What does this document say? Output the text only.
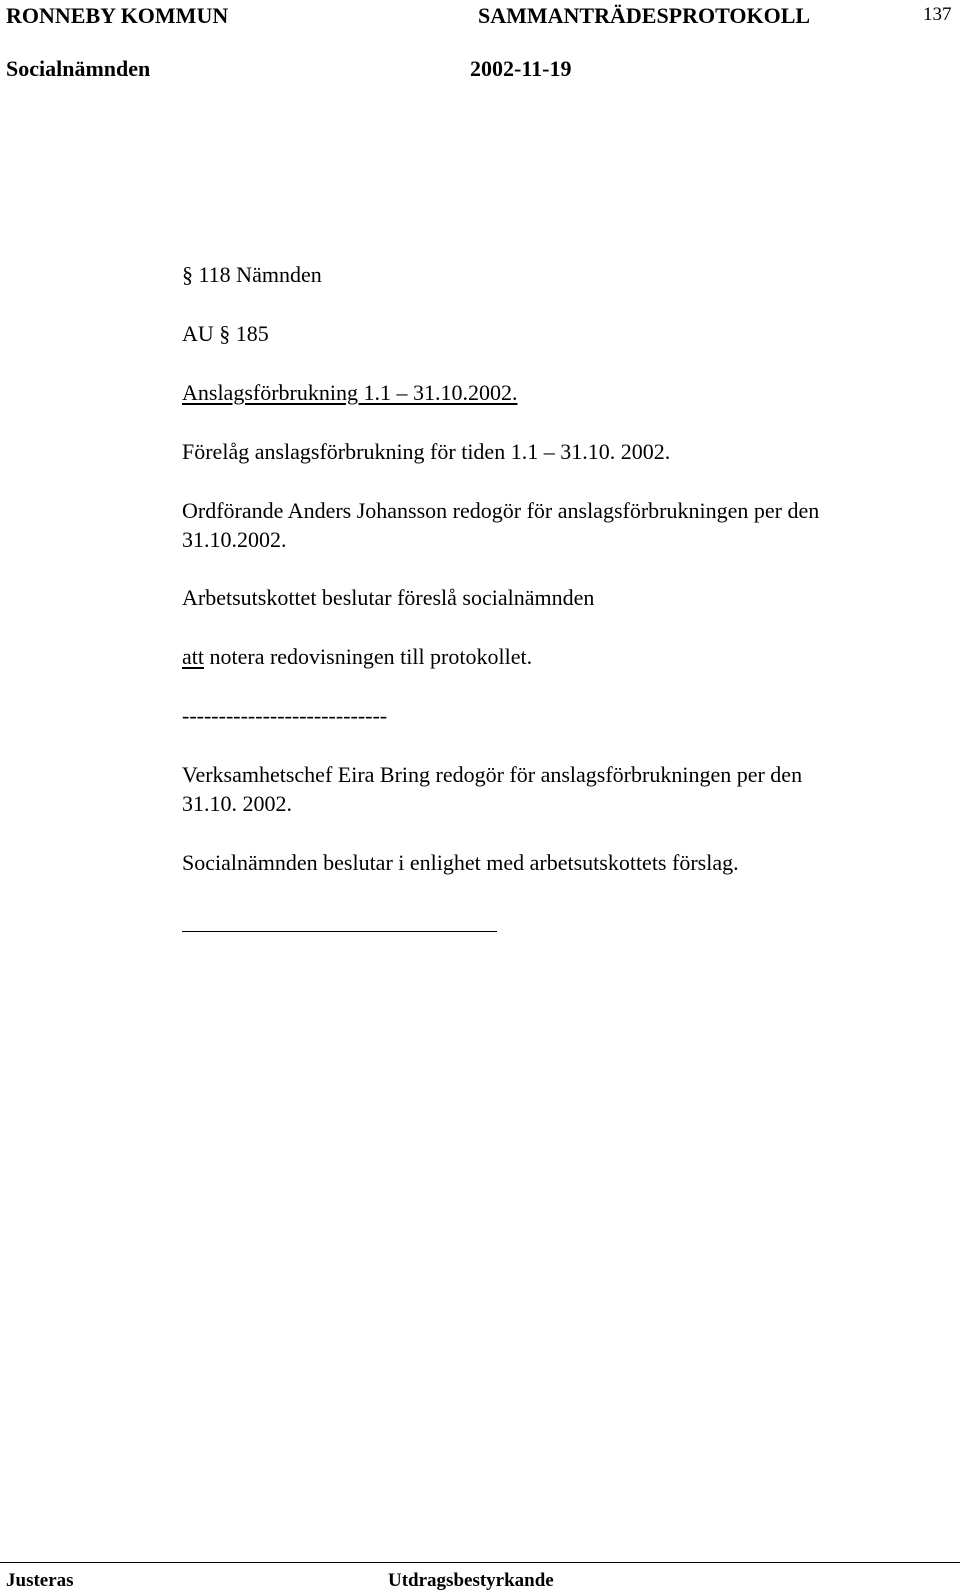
RONNEBY KOMMUN	SAMMANTRÄDESPROTOKOLL	137
Socialnämnden	2002-11-19
§ 118 Nämnden
AU § 185
Anslagsförbrukning 1.1 – 31.10.2002.
Förelåg anslagsförbrukning för tiden 1.1 – 31.10. 2002.
Ordförande Anders Johansson redogör för anslagsförbrukningen per den
31.10.2002.
Arbetsutskottet beslutar föreslå socialnämnden
att notera redovisningen till protokollet.
----------------------------
Verksamhetschef Eira Bring redogör för anslagsförbrukningen per den
31.10. 2002.
Socialnämnden beslutar i enlighet med arbetsutskottets förslag.
Justeras	Utdragsbestyrkande
